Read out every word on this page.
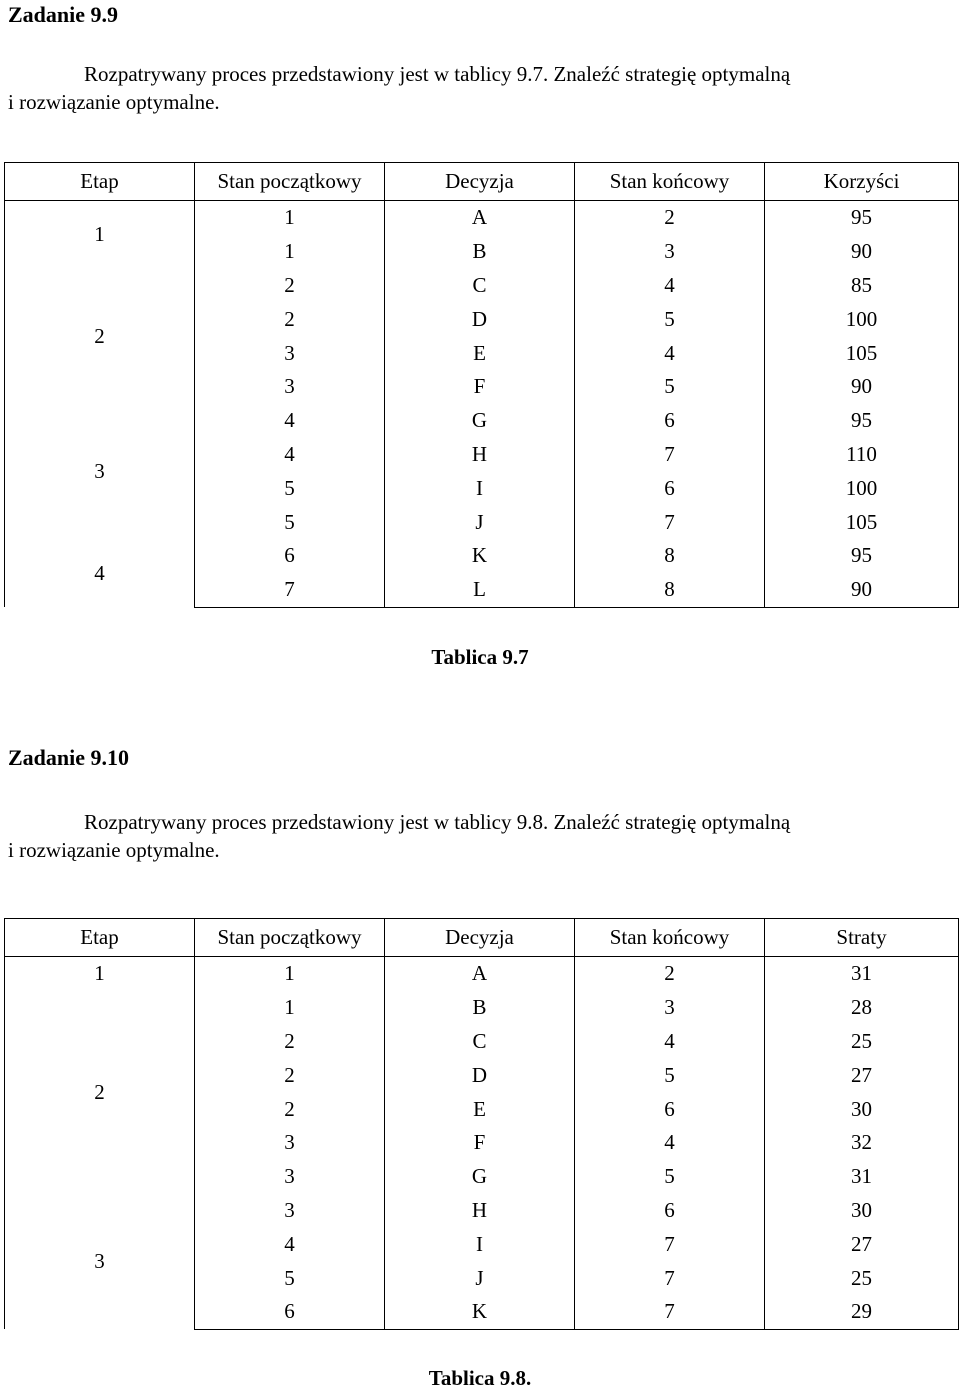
Zadanie 9.9
Rozpatrywany proces przedstawiony jest w tablicy 9.7. Znaleźć strategię optymalną
i rozwiązanie optymalne.
Etap	Stan początkowy	Decyzja	Stan końcowy	Korzyści
1	1	A	2	95
	1	B	3	90
2	2	C	4	85
	2	D	5	100
	3	E	4	105
	3	F	5	90
3	4	G	6	95
	4	H	7	110
	5	I	6	100
	5	J	7	105
4	6	K	8	95
	7	L	8	90
Tablica 9.7
Zadanie 9.10
Rozpatrywany proces przedstawiony jest w tablicy 9.8. Znaleźć strategię optymalną
i rozwiązanie optymalne.
Etap	Stan początkowy	Decyzja	Stan końcowy	Straty
1	1	A	2	31
2	1	B	3	28
	2	C	4	25
	2	D	5	27
	2	E	6	30
	3	F	4	32
	3	G	5	31
3	3	H	6	30
	4	I	7	27
	5	J	7	25
	6	K	7	29
Tablica 9.8.
